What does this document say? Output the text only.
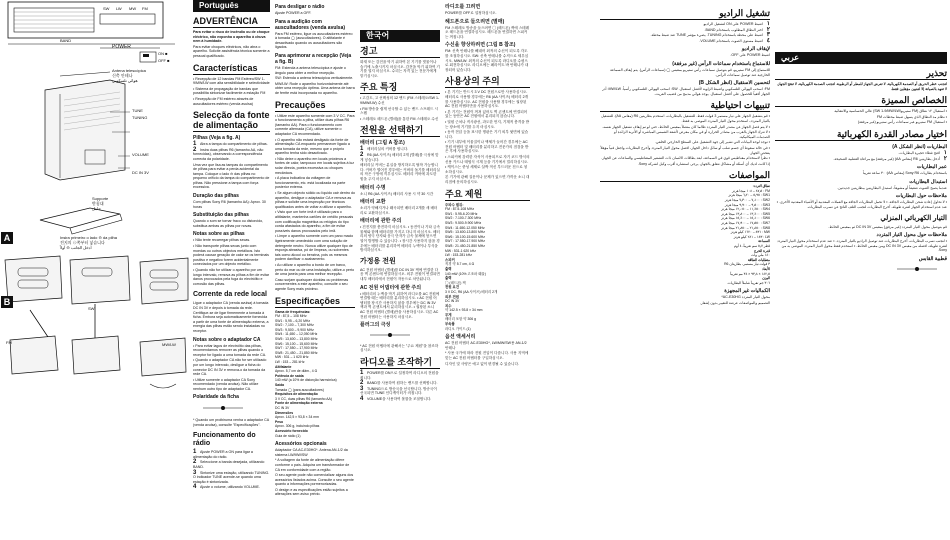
BAND
SW LW MW FM
POWER
ON ■
OFF ■
Antena telescópica
신축 안테나
هوائي تلسكوبي
TUNE
TUNING
VOLUME
DC IN 3V
Supporte
받침대
حامل
A	Insira primeiro o lado ⊖ da pilha
전지의 ⊖쪽부터 넣습니다
أدخل الجانب ⊖ أولاً
B
FM
SW
MW/LW
Português
ADVERTÊNCIA
Para evitar o risco de incêndio ou de choque eléctrico, não exponha o aparelho à chuva nem à humidade.
Para evitar choques eléctricos, não abra o aparelho. Solicite assistência técnica somente a pessoal qualificado.
Características
• Recepção de 12 bandas FM Estéreo/SW 1-9/MW/LW com alta sensibilidade e selectividade
• Sistema de propagação de bandas que possibilita sintonizar facilmente a estação FM
• Recepção de FM estéreo através de auscultadores estéreo (venda avulsa)
Selecção da fonte de alimentação
Pilhas (Veja a fig. A)
1 Abra a tampa do compartimento de pilhas.
2 Insira duas pilhas R6 (tamanho AA, não fornecidas), observando a correspondência correcta da polaridade.
Uma vez que lisa as tampas do compartimento de pilhas para evitar a perda acidental da tampa. Coloque o lado ⊖ das pilhas no pequeno orifício da tampa do compartimento de pilhas. Não pressione a tampa com força excessiva.
Duração das pilhas
Com pilhas Sony R6 (tamanho AA): Aprox. 30 horas
Substituição das pilhas
Quando o som se tornar fraco ou distorcido, substitua ambas as pilhas por novas.
Notas sobre as pilhas
• Não tente recarregar pilhas secas.
• Não transporte pilhas secas junto com moedas ou outros objectos metálicos. Isto poderá causar geração de calor se os terminais positivo e negativo forem acidentalmente conectados por um objecto metálico.
• Quando não for utilizar o aparelho por um longo intervalo, remova as pilhas a fim de evitar danos provocados pela fuga do electrólito e corrosão das pilhas.
Corrente da rede local
Ligue o adaptador CA (venda avulsa) à tomada DC IN 3V e depois à tomada da rede. Certifique-se de ligar firmemente a tomada à ficha. Embora seja automaticamente fornecida a partir de uma fonte de alimentação externa, a energia das pilhas estão sendo instaladas no receptor.
Notas sobre o adaptador CA
• Para evitar lagos de electrólito das pilhas, recomendamos remover as pilhas quando o receptor for ligado a uma tomada da rede CA.
• Quando o adaptador CA não for ser utilizado por um longo intervalo, desligue a ficha do conector DC IN 3V e remova-o da tomada da rede CA.
• Utilize somente o adaptador CA Sony recomendado (venda avulsa). Não utilize nenhum outro tipo de adaptador CA.
Polaridade da ficha
* Quando um proibiruma venha o adaptador CA (venda avulsa), consulte "Especificações".
Funcionamento do rádio
1 Ajuste POWER a ON para ligar a alimentação do rádio.
2 Seleccione a banda desejada, utilizando BAND.
3 Sintonize uma estação, utilizando TUNING. O indicador TUNE acende-se quando uma estação é sintonizada.
4 Ajuste o volume, utilizando VOLUME.
Para desligar o rádio
Ajuste POWER a OFF.
Para a audição com auscultadores (venda avulsa)
Para FM estéreo, ligue os auscultadores estéreo à tomada ◯ (auscultadores). O altifalante é desactivado quando os auscultadores são ligados.
Para aprimorar a recepção (Veja a fig. B)
FM: Estenda a antena telescópica e ajuste o ângulo para obter a melhor recepção.
SW: Estenda a antena telescópica verticalmente.
MW/LW: Rode o aparelho horizontalmente até obter uma recepção óptima. Uma antena de barra de ferrite está incorporada no aparelho.
Precauções
• Utilize este aparelho somente com 3 V CC. Para o funcionamento a pilha, utilize duas pilhas R6 (tamanho AA). Para o funcionamento com corrente alternada (CA), utilize somente o adaptador CA recomendado.
• O aparelho não estará desligado da fonte de alimentação CA enquanto permanecer ligado a uma tomada da rede, mesmo que o próprio aparelho tenha sido desactivado.
• Não deixe o aparelho em locais próximos a fontes de calor, tampouco em locais sujeitos à luz solar directa, poeira excessiva ou choques mecânicos.
• A placa indicativa da voltagem de funcionamento, etc. está localizada na parte posterior externa.
• Se algum objecto sólido ou líquido cair dentro do aparelho, desligue o adaptador CA e remova as pilhas e solicite uma inspecção por técnicos qualificados antes de voltar a utilizar o aparelho.
• Visto que um forte ímã é utilizado para o altifalante, mantenha cartões de crédito pessoais com codificação magnética ou relógios do tipo corda afastados do aparelho, a fim de evitar possíveis danos provocados pelo ímã.
• Limpe o aparelho somente com um pano macio ligeiramente umedecido com uma solução de detergente neutro. Nunca utilize qualquer tipo de esponja abrasiva, pó de limpeza, ou solventes tais como álcool ou benzina, pois os mesmos podem danificar o acabamento.
• Ao utilizar o aparelho a bordo de um barco, perto do mar ou de uma instalação, utilize-o perto de uma janela para uma melhor recepção.
Caso surjam quaisquer dúvidas ou problemas concernentes a este aparelho, consulte o seu agente Sony mais próximo.
Especificações
Gama de frequências:
FM : 87,5 – 108 MHz
SW1 : 5,95 – 6,20 MHz
SW2 : 7,100 – 7,300 MHz
SW3 : 9,500 – 9,900 MHz
SW4 : 11,650 – 12,050 MHz
SW5 : 13,600 – 13,800 MHz
SW6 : 15,100 – 15,600 MHz
SW7 : 17,550 – 17,900 MHz
SW8 : 21,450 – 21,850 MHz
MW : 531 – 1 620 kHz
LW : 153 – 281 kHz
Altifalante
Aprox. 5,7 cm de diâm., 4 Ω
Potência de saída
140 mW (a 10% de distorção harmónica)
Saída
Tomada ◯ (para auscultadores)
Requisitos de alimentação
3 V CC, duas pilhas R6 (tamanho AA)
Fonte de alimentação externa
DC IN 3V
Dimensões
Aprox. 142,5 × 93,8 × 34 mm
Peso
Aprox. 306 g, incluindo pilhas
Acessório fornecido
Guia de rádio (1)
Acessórios opcionais
Adaptador CA AC-E30HG*. Antena AN-1/2 da sistema LW/MW/SW
* A voltagem da fonte de alimentação difere conforme o país. Adquira um transformador de CA em conformidade com a região.
O seu agente pode não comercializar alguns dos acessórios listados acima. Consulte o seu agente quanto a informações pormenorizadas.
O design e as especificações estão sujeitos a alterações sem aviso prévio.
한국어
경고
화재 또는 감전을 막기 위하여 본 기기를 빗물이나 습기에 노출시키지 마십시오. 감전을 막기 위하여 기기를 열지 마십시오. 수리는 자격 있는 전문가에게 맡기십시오.
주요 특징
• 고감도, 고 선택성의 12 밴드 (FM 스테레오/SW 1-9/MW/LW) 수신
• FM 방송을 쉽게 선국할 수 있는 밴드 스프레드 시스템
• 스테레오 헤드폰 (별매)을 통한 FM 스테레오 수신
전원을 선택하기
배터리 (그림 A 참조)
1 배터리실의 커버를 엽니다.
2 R6 (AA 사이즈) 배터리 2개 (별매)를 극성에 맞게 넣습니다.
배터리실 커버는 분실을 방지하도록 탈착 가능합니다. 커버가 떨어진 경우에는 커버의 돌기를 배터리실의 작은 구멍에 끼우십시오. 배터리 커버에 과도한 힘을 주지 마십시오.
배터리 수명
소니 R6 (AA 사이즈) 배터리 사용 시 약 30 시간
배터리 교환
소리가 약해지거나 왜곡되면 배터리 2개를 새 배터리로 교환하십시오.
배터리에 관한 주의
• 건전지를 충전하지 마십시오. • 동전이나 기타 금속 물체와 함께 배터리를 가지고 다니지 마십시오. 배터리의 양극 단자와 음극 단자가 금속 물체에 닿으면 열이 발생할 수 있습니다. • 장시간 사용하지 않을 경우에는 배터리를 분리하여 배터리 누액이나 부식을 방지하십시오.
가정용 전원
AC 전원 어댑터 (별매)를 DC IN 3V 잭에 연결한 다음 벽 콘센트에 연결하십시오. 외부 전원이 연결되면 내부 배터리에서 전원이 자동으로 차단됩니다.
AC 전원 어댑터에 관한 주의
• 배터리의 누액을 막기 위하여 라디오를 AC 전원에 연결할 때는 배터리를 분리하십시오. • AC 전원 어댑터를 장시간 사용하지 않을 경우에는 DC IN 3V 잭과 벽 콘센트에서 분리하십시오. • 권장된 소니 AC 전원 어댑터 (별매)만을 사용하십시오. 다른 AC 전원 어댑터는 사용하지 마십시오.
플러그의 극성
* AC 전원 어댑터에 관해서는 "주요 제원"을 참조하십시오.
라디오를 조작하기
1 POWER를 ON으로 설정하여 라디오의 전원을 켭니다.
2 BAND를 사용하여 원하는 밴드를 선택합니다.
3 TUNING으로 방송국을 선국합니다. 방송국이 선국되면 TUNE 인디케이터가 켜집니다.
4 VOLUME을 사용하여 볼륨을 조절합니다.
라디오를 끄려면
POWER를 OFF로 설정하십시오.
헤드폰으로 들으려면 (별매)
FM 스테레오 방송을 들으려면 ◯ (헤드폰) 잭에 스테레오 헤드폰을 연결하십시오. 헤드폰을 연결하면 스피커는 꺼집니다.
수신을 향상하려면 (그림 B 참조)
FM: 신축 안테나를 빼내어 최적의 수신이 되도록 각도를 조절하십시오. SW: 신축 안테나를 수직으로 세우십시오. MW/LW: 최적의 수신이 되도록 라디오를 수평으로 회전하십시오. 라디오에는 페라이트 바 안테나가 내장되어 있습니다.
사용상의 주의
• 본 기기는 반드시 3 V DC 전원으로만 사용하십시오. 배터리로 사용할 경우에는 R6 (AA 사이즈) 배터리 2개를 사용하십시오. AC 전원을 사용할 경우에는 권장된 AC 전원 어댑터만을 사용하십시오.
• 본 기기는 전원이 꺼져 있어도 벽 콘센트에 연결되어 있는 동안은 AC 전원에서 분리되지 않습니다.
• 열원 근처나 직사광선, 과도한 먼지, 기계적 충격을 받는 장소에 기기를 두지 마십시오.
• 동작 전압 등을 표시한 명판은 기기 외부 뒷면에 있습니다.
• 기기 내부에 이물질이나 액체가 들어간 경우에는 AC 전원 어댑터 및 배터리를 분리하고 전문가의 점검을 받은 후에 사용하십시오.
• 스피커에 강력한 자석이 사용되므로 자기 코드 방식의 신용 카드나 태엽식 시계 등을 기기에서 멀리하십시오.
• 케이스는 중성 세제로 살짝 적신 부드러운 천으로 청소하십시오.
본 기기에 관해 질문이나 문제가 있으면 가까운 소니 대리점에 문의하십시오.
주요 제원
주파수 범위:
FM : 87.5-108 MHz
SW1 : 5.95-6.20 MHz
SW2 : 7.100-7.300 MHz
SW3 : 9.500-9.900 MHz
SW4 : 11.650-12.050 MHz
SW5 : 13.600-13.800 MHz
SW6 : 15.100-15.600 MHz
SW7 : 17.550-17.900 MHz
SW8 : 21.450-21.850 MHz
MW : 531-1 620 kHz
LW : 153-281 kHz
스피커
직경 약 5.7 cm, 4 Ω
출력
140 mW (10% 고조파 왜율)
출력
◯ (헤드폰) 잭
전원 요건
3 V DC, R6 (AA 사이즈) 배터리 2개
외부 전원
DC IN 3V
치수
약 142.5 × 93.8 × 34 mm
무게
배터리 포함 약 306 g
부속품
라디오 가이드 (1)
옵션 액세서리
AC 전원 어댑터 AC-E30HG*, LW/MW/SW용 AN-1/2 안테나
* 사용 국가에 따라 전원 전압이 다릅니다. 사용 지역에 맞는 AC 전원 어댑터를 구입하십시오.
디자인 및 사양은 예고 없이 변경될 수 있습니다.
تشغيل الراديو
١اضبط POWER على ON لتشغيل الراديو.
٢اختر النطاق المطلوب باستخدام BAND.
٣اضبط على محطة باستخدام TUNING. يضيء مؤشر TUNE عند ضبط محطة.
٤اضبط مستوى الصوت باستخدام VOLUME.
لإيقاف الراديو
اضبط POWER على OFF.
للاستماع باستخدام سماعات الرأس (غير مرفقة)
للاستماع إلى FM ستيريو، قم بتوصيل سماعات رأس ستيريو بمقبس ◯ (سماعات الرأس). يتم إيقاف السماعة الخارجية عند توصيل سماعات الرأس.
لتحسين الاستقبال (انظر الشكل B)
FM: اسحب الهوائي التلسكوبي واضبط الزاوية لأفضل استقبال. SW: اسحب الهوائي التلسكوبي رأسياً. MW/LW: أدر الجهاز أفقياً للحصول على أفضل استقبال. يوجد هوائي مدمج من قضيب الفريت.
تنبيهات احتياطية
• قم بتشغيل الجهاز على تيار مستمر 3 فولت فقط. للتشغيل بالبطاريات، استخدم بطاريتين R6 (مقاس AA). للتشغيل بالتيار المتردد، استخدم محول التيار المتردد الموصى به فقط.
• لا يتم فصل الجهاز عن مصدر التيار المتردد طالما كان متصلاً بمقبس الحائط، حتى لو تم إيقاف تشغيل الجهاز نفسه.
• لا تترك الجهاز بالقرب من مصادر الحرارة أو في مكان معرض لأشعة الشمس المباشرة أو الأتربة الزائدة أو الصدمات الميكانيكية.
• توجد لوحة البيانات التي تشير إلى جهد التشغيل على السطح الخارجي الخلفي.
• في حالة سقوط أي جسم صلب أو سائل داخل الجهاز، افصل محول التيار المتردد وأخرج البطاريات واجعل فنياً مؤهلاً يفحص الجهاز.
• نظراً لاستخدام مغناطيس قوي في السماعة، ابعد بطاقات الائتمان ذات التشفير المغناطيسي والساعات عن الجهاز.
إذا كانت لديك أي أسئلة أو مشاكل تتعلق بالجهاز، يرجى استشارة أقرب وكيل لشركة Sony.
المواصفات
نطاق التردد:
FM : ٨٧٫٥ – ١٠٨ ميجا هرتز
SW1 : ٥٫٩٥ – ٦٫٢٠ ميجا هرتز
SW2 : ٧٫١٠٠ – ٧٫٣٠٠ ميجا هرتز
SW3 : ٩٫٥٠٠ – ٩٫٩٠٠ ميجا هرتز
SW4 : ١١٫٦٥٠ – ١٢٫٠٥٠ ميجا هرتز
SW5 : ١٣٫٦٠٠ – ١٣٫٨٠٠ ميجا هرتز
SW6 : ١٥٫١٠٠ – ١٥٫٦٠٠ ميجا هرتز
SW7 : ١٧٫٥٥٠ – ١٧٫٩٠٠ ميجا هرتز
SW8 : ٢١٫٤٥٠ – ٢١٫٨٥٠ ميجا هرتز
MW : ٥٣١ – ١٦٢٠ كيلو هرتز
LW : ١٥٣ – ٢٨١ كيلو هرتز
السماعة
قطر ٥٫٧ سم تقريباً، ٤ أوم
قدرة الخرج
١٤٠ ملي وات
متطلبات الطاقة
٣ فولت تيار مستمر، بطاريتان R6
الأبعاد
١٤٢٫٥ × ٩٣٫٨ × ٣٤ مم تقريباً
الوزن
٣٠٦ جم تقريباً شاملاً البطاريات
الكماليات غير المجهزة
محول التيار المتردد AC-E30HG*
التصميم والمواصفات عرضة للتغيير بدون إشعار.
عربي
تحذير
لتجنب خطر الحريق أو الصدمة الكهربائية، لا تعرض الجهاز للمطر أو الرطوبة. لتجنب الصدمة الكهربائية، لا تفتح الجهاز. لا تعهد بالصيانة إلا لفنيين مؤهلين فقط.
الخصائص المميزة
• استقبال ١٢ نطاق (FM ستيريو/SW 1-9/MW/LW) عالي الحساسية والانتقائية
• نظام مد النطاق الذي يسهل ضبط محطات FM
• استقبال FM ستيريو عبر سماعات رأس ستيريو (غير مرفقة)
اختيار مصادر القدرة الكهربائية
البطاريات (انظر الشكل A)
١افتح غطاء حجيرة البطاريات.
٢أدخل بطاريتين R6 (مقاس AA) (غير مرفقة) مع مراعاة القطبية الصحيحة.
عمر البطاريات
باستخدام بطاريات Sony R6 (مقاس AA): ٣٠ ساعة تقريباً
استبدال البطاريات
عندما يصبح الصوت ضعيفاً أو مشوهاً، استبدل البطاريتين ببطاريتين جديدتين.
ملاحظات حول البطاريات
• لا تحاول إعادة شحن البطاريات الجافة. • لا تحمل البطاريات الجافة مع العملات المعدنية أو الأشياء المعدنية الأخرى. • عند عدم استخدام الجهاز لفترة طويلة، أخرج البطاريات لتجنب التلف الناتج عن تسرب البطاريات.
التيار الكهربائي المنزلي
قم بتوصيل محول التيار المتردد (غير مرفق) بمقبس DC IN 3V ثم بمقبس الحائط.
ملاحظات حول محول التيار المتردد
• لتجنب تسرب البطاريات، أخرج البطاريات عند توصيل الراديو بالتيار المتردد. • عند عدم استخدام محول التيار المتردد لفترة طويلة، افصله من مقبس DC IN 3V ومن مقبس الحائط. • استخدم فقط محول التيار المتردد الموصى به من Sony.
قطبية القابس
